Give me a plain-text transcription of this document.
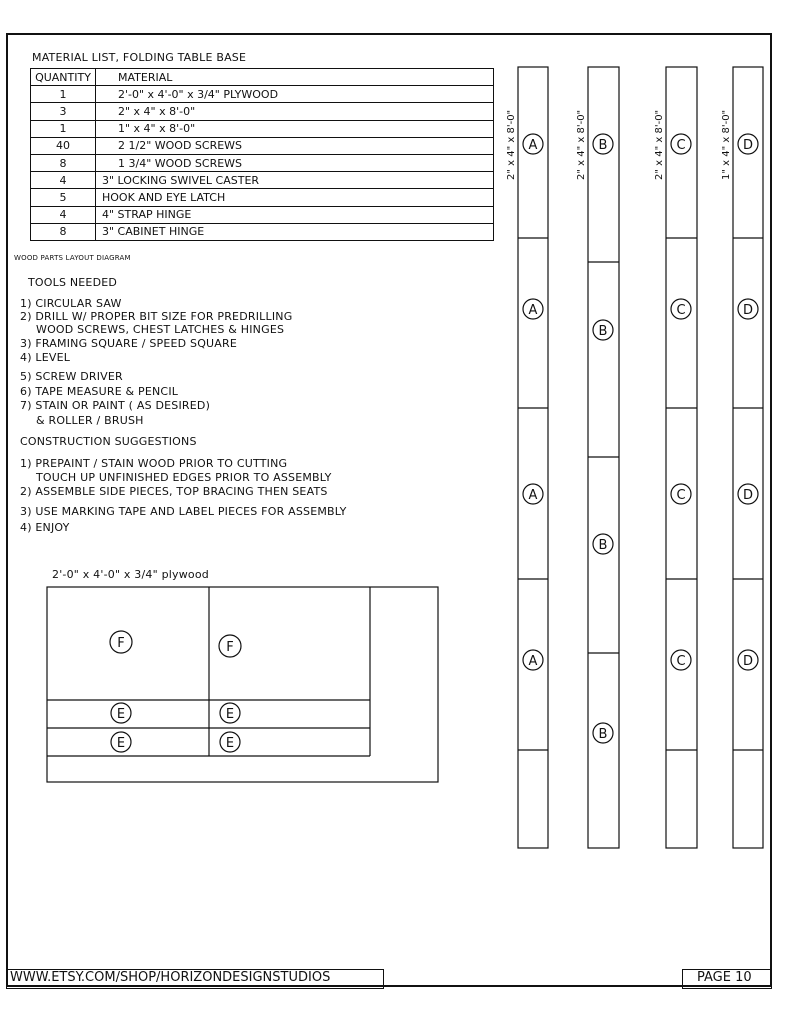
MATERIAL LIST, FOLDING TABLE BASE
QUANTITY	MATERIAL
1	2'-0" x 4'-0" x 3/4" PLYWOOD
3	2" x 4" x 8'-0"
1	1" x 4" x 8'-0"
40	2 1/2" WOOD SCREWS
8	1 3/4" WOOD SCREWS
4	3" LOCKING SWIVEL CASTER
5	HOOK AND EYE LATCH
4	4" STRAP HINGE
8	3" CABINET HINGE
WOOD PARTS LAYOUT DIAGRAM
TOOLS NEEDED
1) CIRCULAR SAW
2) DRILL W/ PROPER BIT SIZE FOR PREDRILLING
WOOD SCREWS, CHEST LATCHES & HINGES
3) FRAMING SQUARE / SPEED SQUARE
4) LEVEL
5) SCREW DRIVER
6) TAPE MEASURE & PENCIL
7) STAIN OR PAINT ( AS DESIRED)
& ROLLER / BRUSH
CONSTRUCTION SUGGESTIONS
1) PREPAINT / STAIN WOOD PRIOR TO CUTTING
TOUCH UP UNFINISHED EDGES PRIOR TO ASSEMBLY
2) ASSEMBLE SIDE PIECES, TOP BRACING THEN SEATS
3) USE MARKING TAPE AND LABEL PIECES FOR ASSEMBLY
4) ENJOY
2'-0" x 4'-0" x 3/4" plywood
F	F
E	E
E	E
A
A
A
A
B
B
B
B
C
C
C
C
D
D
D
D
2" x 4" x 8'-0"	2" x 4" x 8'-0"	2" x 4" x 8'-0"	1" x 4" x 8'-0"
WWW.ETSY.COM/SHOP/HORIZONDESIGNSTUDIOS	PAGE 10
